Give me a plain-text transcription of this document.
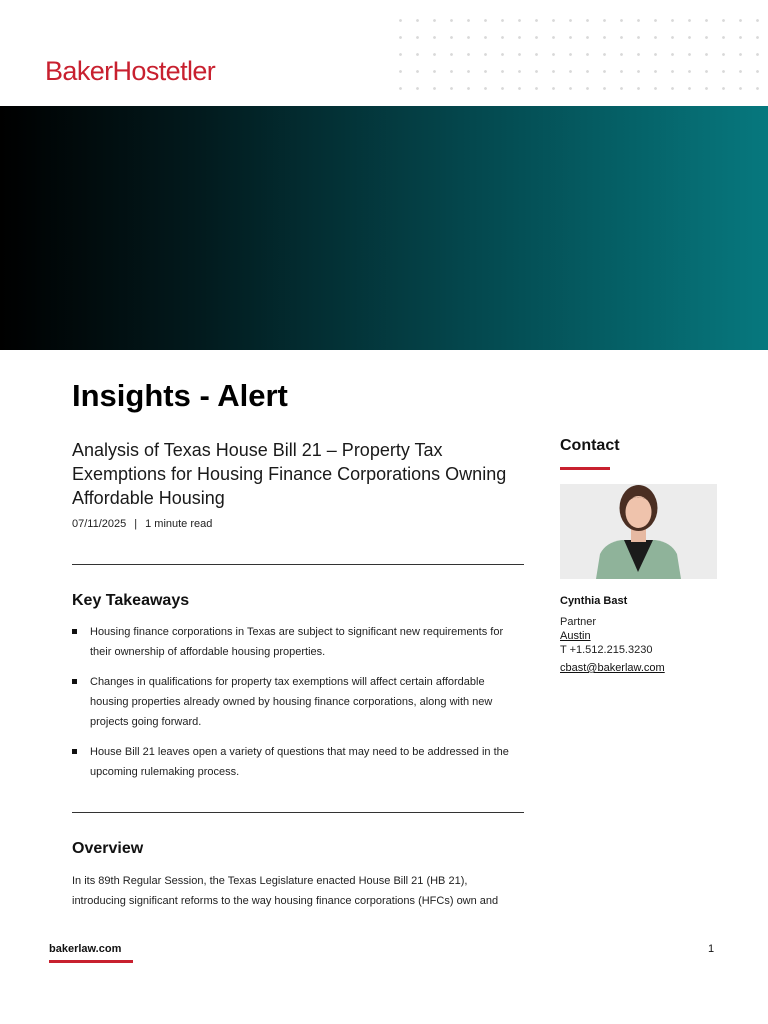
BakerHostetler
Insights - Alert
Analysis of Texas House Bill 21 – Property Tax Exemptions for Housing Finance Corporations Owning Affordable Housing
07/11/2025 | 1 minute read
Key Takeaways
Housing finance corporations in Texas are subject to significant new requirements for their ownership of affordable housing properties.
Changes in qualifications for property tax exemptions will affect certain affordable housing properties already owned by housing finance corporations, along with new projects going forward.
House Bill 21 leaves open a variety of questions that may need to be addressed in the upcoming rulemaking process.
Overview

In its 89th Regular Session, the Texas Legislature enacted House Bill 21 (HB 21), introducing significant reforms to the way housing finance corporations (HFCs) own and

Contact
Cynthia Bast
Partner
Austin
T +1.512.215.3230
cbast@bakerlaw.com
bakerlaw.com	1
